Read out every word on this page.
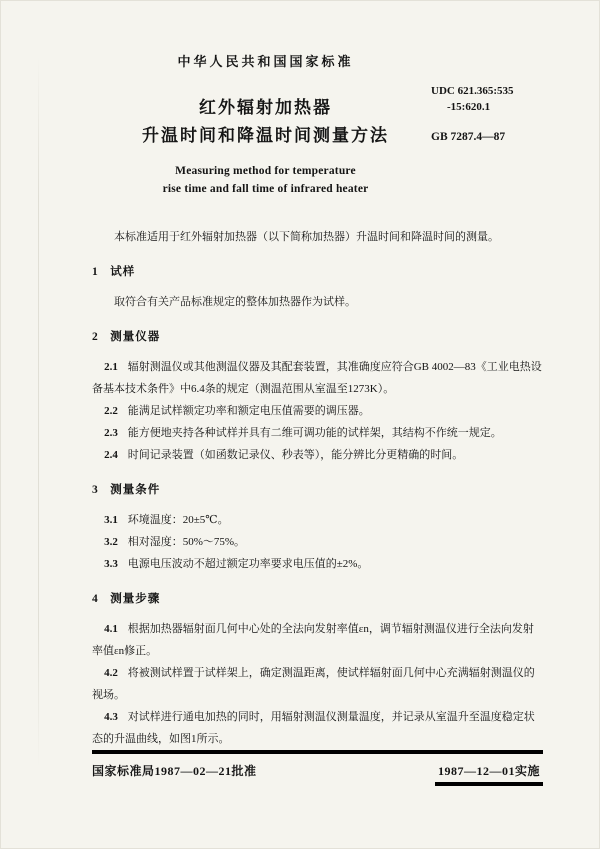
中华人民共和国国家标准
红外辐射加热器
升温时间和降温时间测量方法
Measuring method for temperature
rise time and fall time of infrared heater
UDC 621.365:535
-15:620.1
GB 7287.4—87

本标准适用于红外辐射加热器（以下简称加热器）升温时间和降温时间的测量。

1 试样

取符合有关产品标准规定的整体加热器作为试样。

2 测量仪器

2.1 辐射测温仪或其他测温仪器及其配套装置，其准确度应符合GB 4002—83《工业电热设备基本技术条件》中6.4条的规定（测温范围从室温至1273K）。

2.2 能满足试样额定功率和额定电压值需要的调压器。

2.3 能方便地夹持各种试样并具有二维可调功能的试样架，其结构不作统一规定。

2.4 时间记录装置（如函数记录仪、秒表等），能分辨比分更精确的时间。

3 测量条件

3.1 环境温度：20±5℃。

3.2 相对湿度：50%～75%。

3.3 电源电压波动不超过额定功率要求电压值的±2%。

4 测量步骤

4.1 根据加热器辐射面几何中心处的全法向发射率值εn，调节辐射测温仪进行全法向发射率值εn修正。

4.2 将被测试样置于试样架上，确定测温距离，使试样辐射面几何中心充满辐射测温仪的视场。

4.3 对试样进行通电加热的同时，用辐射测温仪测量温度，并记录从室温升至温度稳定状态的升温曲线，如图1所示。

国家标准局1987—02—21批准	1987—12—01实施
